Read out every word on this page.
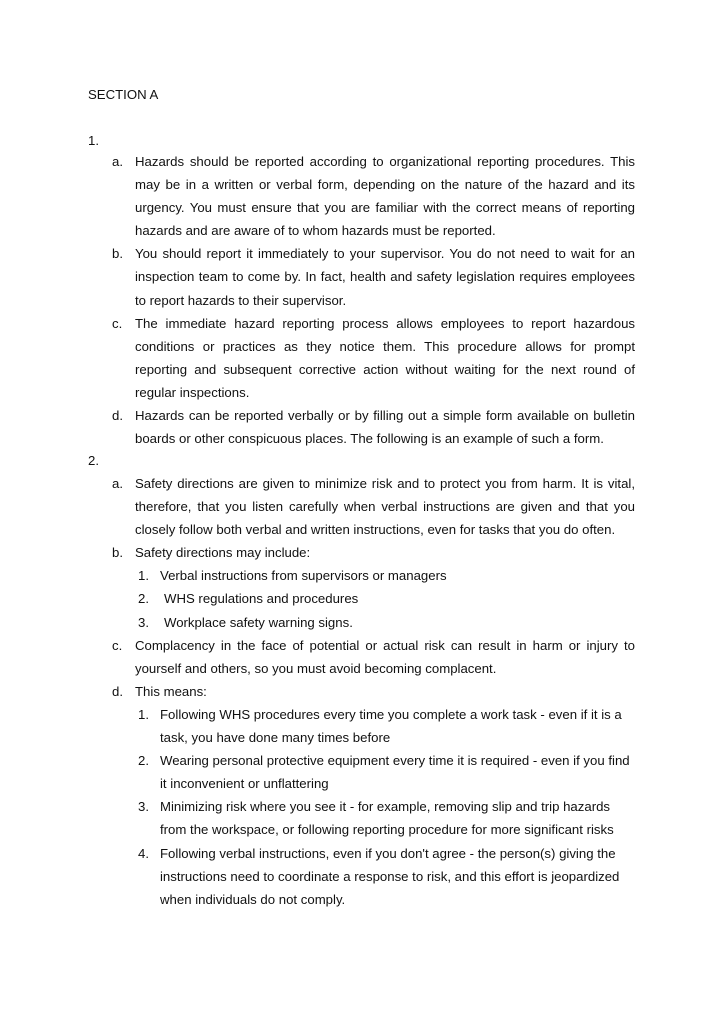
SECTION A
1.
a. Hazards should be reported according to organizational reporting procedures. This may be in a written or verbal form, depending on the nature of the hazard and its urgency. You must ensure that you are familiar with the correct means of reporting hazards and are aware of to whom hazards must be reported.
b. You should report it immediately to your supervisor. You do not need to wait for an inspection team to come by. In fact, health and safety legislation requires employees to report hazards to their supervisor.
c. The immediate hazard reporting process allows employees to report hazardous conditions or practices as they notice them. This procedure allows for prompt reporting and subsequent corrective action without waiting for the next round of regular inspections.
d. Hazards can be reported verbally or by filling out a simple form available on bulletin boards or other conspicuous places. The following is an example of such a form.
2.
a. Safety directions are given to minimize risk and to protect you from harm. It is vital, therefore, that you listen carefully when verbal instructions are given and that you closely follow both verbal and written instructions, even for tasks that you do often.
b. Safety directions may include:
1. Verbal instructions from supervisors or managers
2. WHS regulations and procedures
3. Workplace safety warning signs.
c. Complacency in the face of potential or actual risk can result in harm or injury to yourself and others, so you must avoid becoming complacent.
d. This means:
1. Following WHS procedures every time you complete a work task - even if it is a task, you have done many times before
2. Wearing personal protective equipment every time it is required - even if you find it inconvenient or unflattering
3. Minimizing risk where you see it - for example, removing slip and trip hazards from the workspace, or following reporting procedure for more significant risks
4. Following verbal instructions, even if you don't agree - the person(s) giving the instructions need to coordinate a response to risk, and this effort is jeopardized when individuals do not comply.
